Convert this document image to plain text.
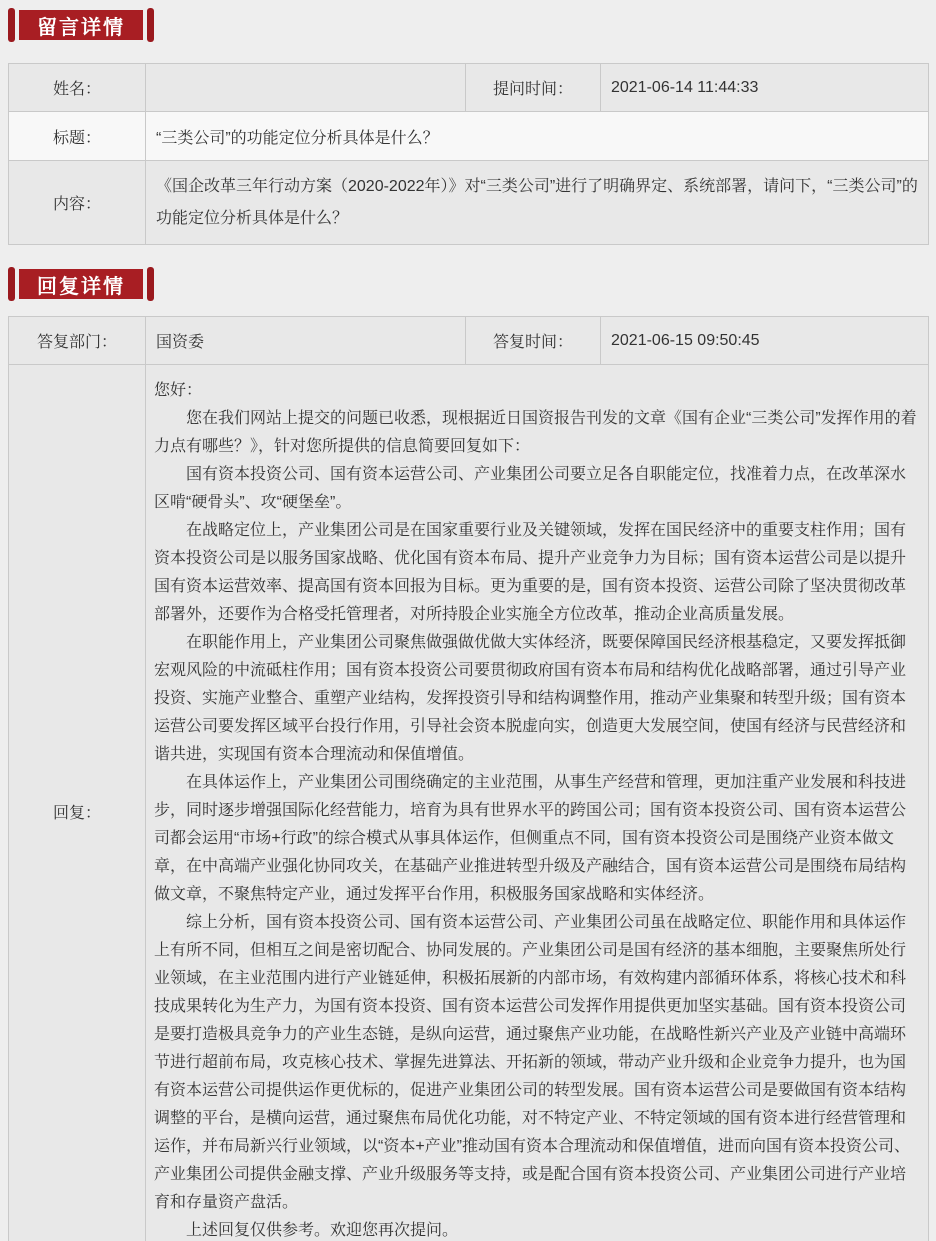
留言详情
姓名：		提问时间：	2021-06-14 11:44:33
标题：	“三类公司”的功能定位分析具体是什么？		
内容：	《国企改革三年行动方案（2020-2022年）》对“三类公司”进行了明确界定、系统部署，请问下，“三类公司”的功能定位分析具体是什么？		
回复详情
答复部门：	国资委	答复时间：	2021-06-15 09:50:45
回复：	

您好：

您在我们网站上提交的问题已收悉，现根据近日国资报告刊发的文章《国有企业“三类公司”发挥作用的着力点有哪些？》，针对您所提供的信息简要回复如下：

国有资本投资公司、国有资本运营公司、产业集团公司要立足各自职能定位，找准着力点，在改革深水区啃“硬骨头”、攻“硬堡垒”。

在战略定位上，产业集团公司是在国家重要行业及关键领域，发挥在国民经济中的重要支柱作用；国有资本投资公司是以服务国家战略、优化国有资本布局、提升产业竞争力为目标；国有资本运营公司是以提升国有资本运营效率、提高国有资本回报为目标。更为重要的是，国有资本投资、运营公司除了坚决贯彻改革部署外，还要作为合格受托管理者，对所持股企业实施全方位改革，推动企业高质量发展。

在职能作用上，产业集团公司聚焦做强做优做大实体经济，既要保障国民经济根基稳定，又要发挥抵御宏观风险的中流砥柱作用；国有资本投资公司要贯彻政府国有资本布局和结构优化战略部署，通过引导产业投资、实施产业整合、重塑产业结构，发挥投资引导和结构调整作用，推动产业集聚和转型升级；国有资本运营公司要发挥区域平台投行作用，引导社会资本脱虚向实，创造更大发展空间，使国有经济与民营经济和谐共进，实现国有资本合理流动和保值增值。

在具体运作上，产业集团公司围绕确定的主业范围，从事生产经营和管理，更加注重产业发展和科技进步，同时逐步增强国际化经营能力，培育为具有世界水平的跨国公司；国有资本投资公司、国有资本运营公司都会运用“市场+行政”的综合模式从事具体运作，但侧重点不同，国有资本投资公司是围绕产业资本做文章，在中高端产业强化协同攻关，在基础产业推进转型升级及产融结合，国有资本运营公司是围绕布局结构做文章，不聚焦特定产业，通过发挥平台作用，积极服务国家战略和实体经济。

综上分析，国有资本投资公司、国有资本运营公司、产业集团公司虽在战略定位、职能作用和具体运作上有所不同，但相互之间是密切配合、协同发展的。产业集团公司是国有经济的基本细胞，主要聚焦所处行业领域，在主业范围内进行产业链延伸，积极拓展新的内部市场，有效构建内部循环体系，将核心技术和科技成果转化为生产力，为国有资本投资、国有资本运营公司发挥作用提供更加坚实基础。国有资本投资公司是要打造极具竞争力的产业生态链，是纵向运营，通过聚焦产业功能，在战略性新兴产业及产业链中高端环节进行超前布局，攻克核心技术、掌握先进算法、开拓新的领域，带动产业升级和企业竞争力提升，也为国有资本运营公司提供运作更优标的，促进产业集团公司的转型发展。国有资本运营公司是要做国有资本结构调整的平台，是横向运营，通过聚焦布局优化功能，对不特定产业、不特定领域的国有资本进行经营管理和运作，并布局新兴行业领域，以“资本+产业”推动国有资本合理流动和保值增值，进而向国有资本投资公司、产业集团公司提供金融支撑、产业升级服务等支持，或是配合国有资本投资公司、产业集团公司进行产业培育和存量资产盘活。

上述回复仅供参考。欢迎您再次提问。
